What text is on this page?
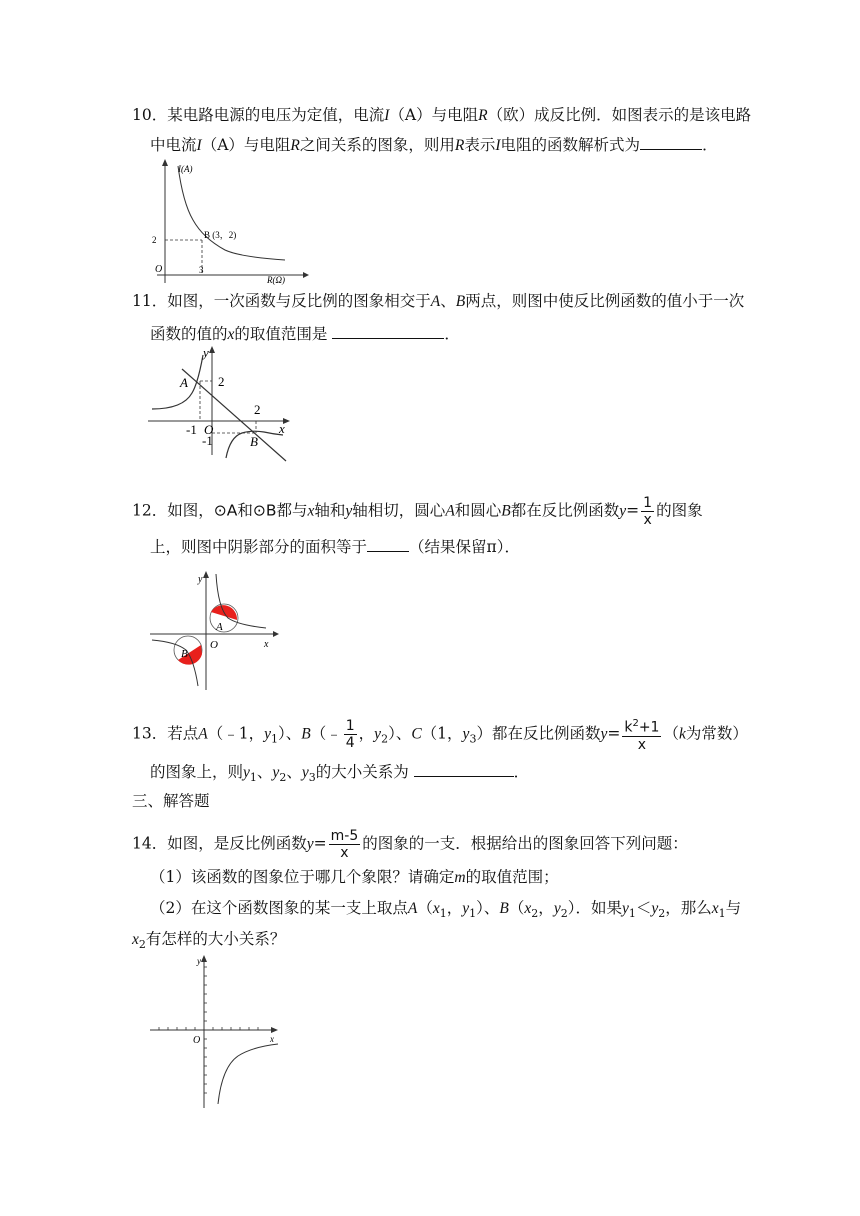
10．某电路电源的电压为定值，电流I（A）与电阻R（欧）成反比例．如图表示的是该电路
中电流I（A）与电阻R之间关系的图象，则用R表示I电阻的函数解析式为	．
I(A)
R(Ω)
O	3
2	B (3，2)
11．如图，一次函数与反比例的图象相交于A、B两点，则图中使反比例函数的值小于一次
函数的值的x的取值范围是	．
y
x
A
B
2
2
-1 O
-1
12．如图，⊙A和⊙B都与x轴和y轴相切，圆心A和圆心B都在反比例函数$y= \frac{1}{x}$ 的图象
上，则图中阴影部分的面积等于	（结果保留π）．
y
x
A
B
O
13．若点A（﹣1，$y_1$）、B（﹣ $\frac{1}{4}$ ，$y_2$）、C（1，$y_3$）都在反比例函数$y= \frac{k^2+1}{x} (k$为常数）
的图象上，则$y_1$、$y_2$、$y_3$的大小关系为	．
三、解答题
14．如图，是反比例函数$y= \frac{m-5}{x}$ 的图象的一支．根据给出的图象回答下列问题：
（1）该函数的图象位于哪几个象限？请确定m的取值范围；
（2）在这个函数图象的某一支上取点$A(x_1$，$y_1$）、$B(x_2$，$y_2$）．如果$y_1<y_2$，那么$x_1$与
$x_2$有怎样的大小关系？
y
x
O
